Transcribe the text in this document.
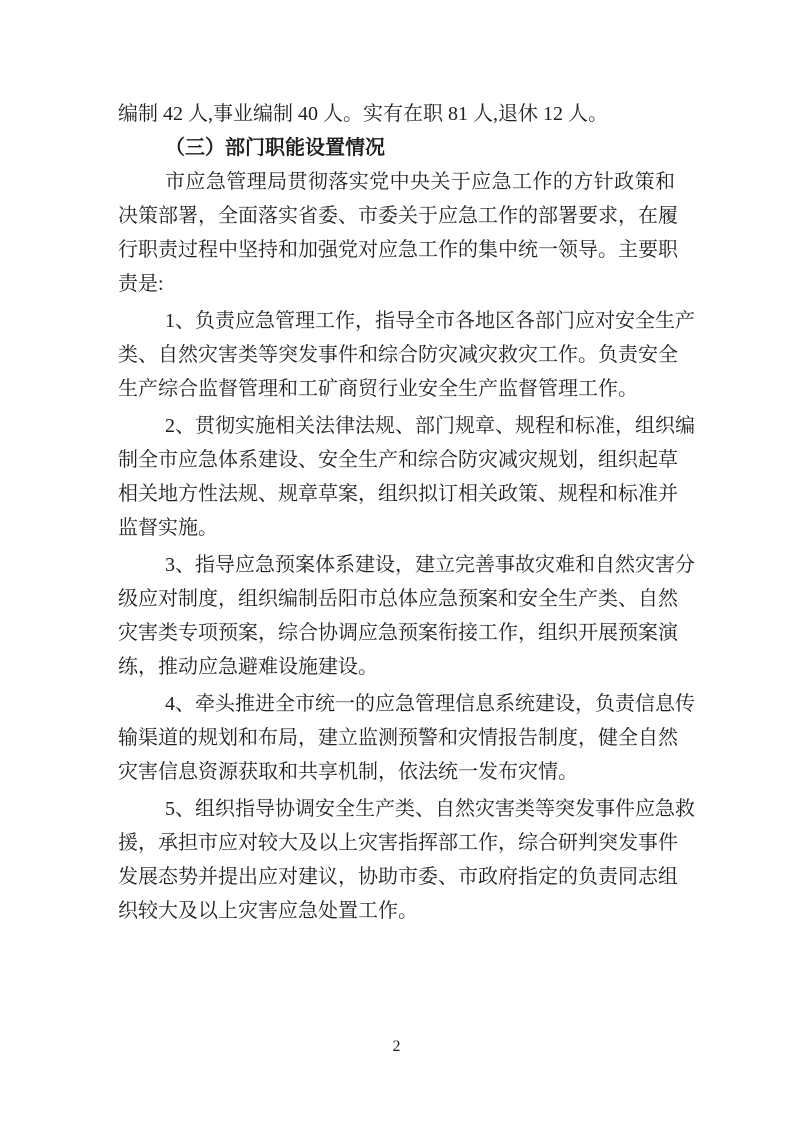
编制 42 人,事业编制 40 人。实有在职 81 人,退休 12 人。

（三）部门职能设置情况

市应急管理局贯彻落实党中央关于应急工作的方针政策和
决策部署，全面落实省委、市委关于应急工作的部署要求，在履
行职责过程中坚持和加强党对应急工作的集中统一领导。主要职
责是:

1、负责应急管理工作，指导全市各地区各部门应对安全生产
类、自然灾害类等突发事件和综合防灾减灾救灾工作。负责安全
生产综合监督管理和工矿商贸行业安全生产监督管理工作。

2、贯彻实施相关法律法规、部门规章、规程和标准，组织编
制全市应急体系建设、安全生产和综合防灾减灾规划，组织起草
相关地方性法规、规章草案，组织拟订相关政策、规程和标准并
监督实施。

3、指导应急预案体系建设，建立完善事故灾难和自然灾害分
级应对制度，组织编制岳阳市总体应急预案和安全生产类、自然
灾害类专项预案，综合协调应急预案衔接工作，组织开展预案演
练，推动应急避难设施建设。

4、牵头推进全市统一的应急管理信息系统建设，负责信息传
输渠道的规划和布局，建立监测预警和灾情报告制度，健全自然
灾害信息资源获取和共享机制，依法统一发布灾情。

5、组织指导协调安全生产类、自然灾害类等突发事件应急救
援，承担市应对较大及以上灾害指挥部工作，综合研判突发事件
发展态势并提出应对建议，协助市委、市政府指定的负责同志组
织较大及以上灾害应急处置工作。

2
